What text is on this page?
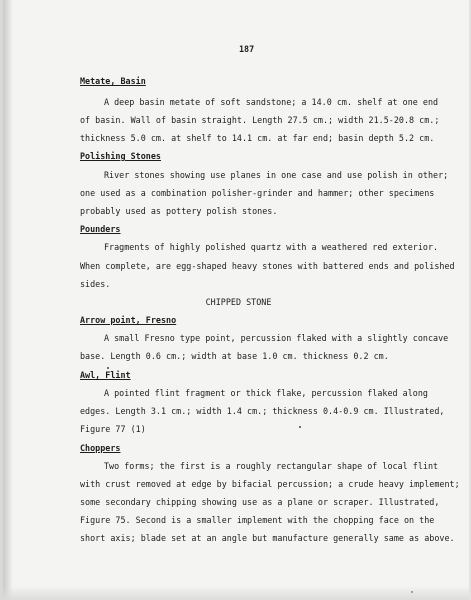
187
Metate, Basin
A deep basin metate of soft sandstone; a 14.0 cm. shelf at one end
of basin. Wall of basin straight. Length 27.5 cm.; width 21.5-20.8 cm.;
thickness 5.0 cm. at shelf to 14.1 cm. at far end; basin depth 5.2 cm.
Polishing Stones
River stones showing use planes in one case and use polish in other;
one used as a combination polisher-grinder and hammer; other specimens
probably used as pottery polish stones.
Pounders
Fragments of highly polished quartz with a weathered red exterior.
When complete, are egg-shaped heavy stones with battered ends and polished
sides.
CHIPPED STONE
Arrow point, Fresno
A small Fresno type point, percussion flaked with a slightly concave
base. Length 0.6 cm.; width at base 1.0 cm. thickness 0.2 cm.
Awl, Flint
A pointed flint fragment or thick flake, percussion flaked along
edges. Length 3.1 cm.; width 1.4 cm.; thickness 0.4-0.9 cm. Illustrated,
Figure 77 (1)
Choppers
Two forms; the first is a roughly rectangular shape of local flint
with crust removed at edge by bifacial percussion; a crude heavy implement;
some secondary chipping showing use as a plane or scraper. Illustrated,
Figure 75. Second is a smaller implement with the chopping face on the
short axis; blade set at an angle but manufacture generally same as above.
